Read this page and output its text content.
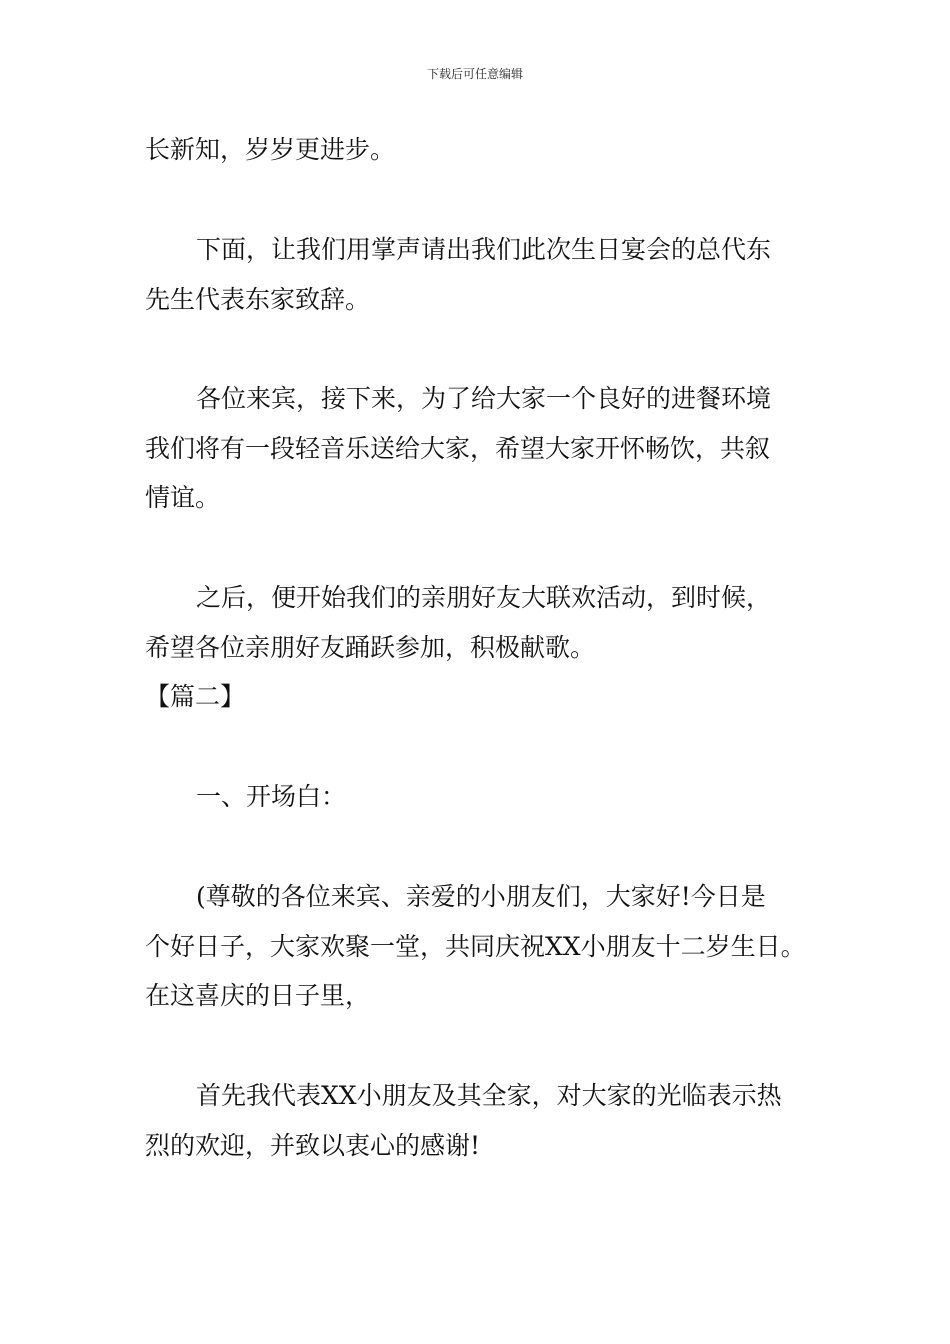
下载后可任意编辑
长新知，岁岁更进步。
下面，让我们用掌声请出我们此次生日宴会的总代东
先生代表东家致辞。
各位来宾，接下来，为了给大家一个良好的进餐环境
我们将有一段轻音乐送给大家，希望大家开怀畅饮，共叙
情谊。
之后，便开始我们的亲朋好友大联欢活动，到时候，
希望各位亲朋好友踊跃参加，积极献歌。
【篇二】
一、开场白：
(尊敬的各位来宾、亲爱的小朋友们，大家好!今日是
个好日子，大家欢聚一堂，共同庆祝XX小朋友十二岁生日。
在这喜庆的日子里，
首先我代表XX小朋友及其全家，对大家的光临表示热
烈的欢迎，并致以衷心的感谢!
